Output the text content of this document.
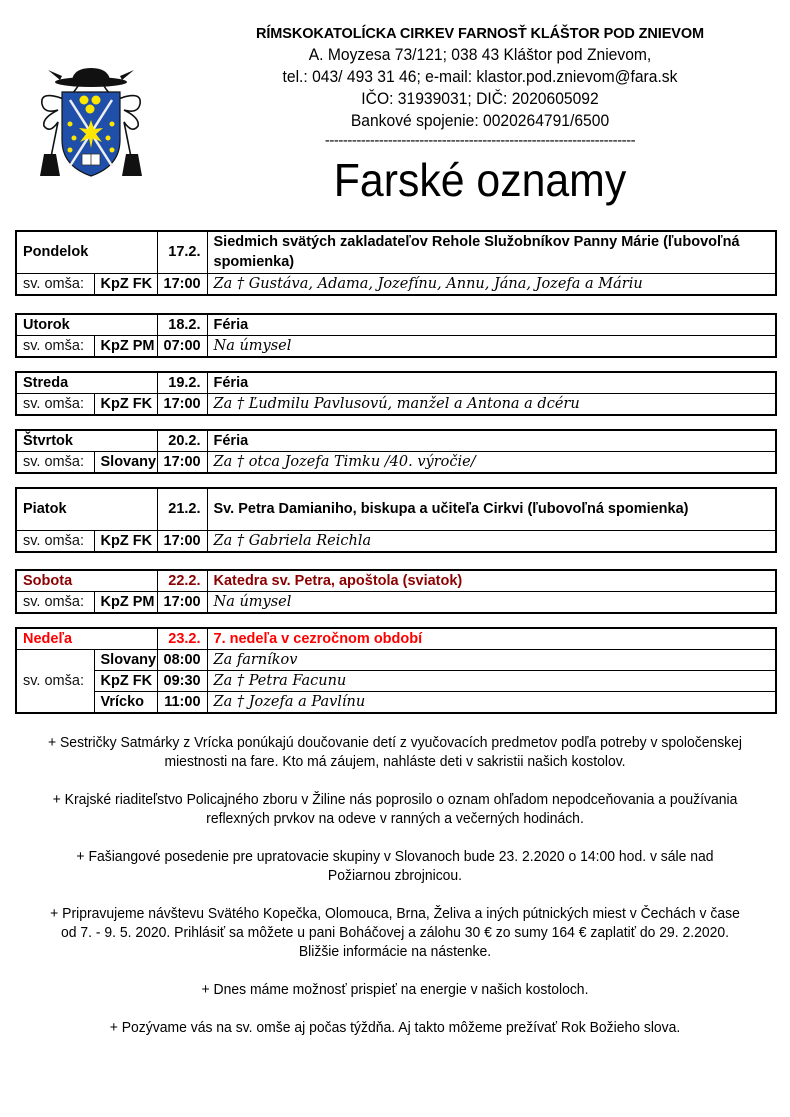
RÍMSKOKATOLÍCKA CIRKEV FARNOSŤ KLÁŠTOR POD ZNIEVOM
A. Moyzesa 73/121; 038 43 Kláštor pod Znievom,
tel.: 043/ 493 31 46; e-mail: klastor.pod.znievom@fara.sk
IČO: 31939031; DIČ: 2020605092
Bankové spojenie: 0020264791/6500
---------------------------------------------------------------------
Farské oznamy
Pondelok		17.2.	Siedmich svätých zakladateľov Rehole Služobníkov Panny Márie (ľubovoľná spomienka)
sv. omša:	KpZ FK	17:00	Za † Gustáva, Adama, Jozefínu, Annu, Jána, Jozefa a Máriu
Utorok		18.2.	Féria
sv. omša:	KpZ PM	07:00	Na úmysel
Streda		19.2.	Féria
sv. omša:	KpZ FK	17:00	Za † Ľudmilu Pavlusovú, manžel a Antona a dcéru
Štvrtok		20.2.	Féria
sv. omša:	Slovany	17:00	Za † otca Jozefa Timku /40. výročie/
Piatok		21.2.	Sv. Petra Damianiho, biskupa a učiteľa Cirkvi (ľubovoľná spomienka)
sv. omša:	KpZ FK	17:00	Za † Gabriela Reichla
Sobota		22.2.	Katedra sv. Petra, apoštola (sviatok)
sv. omša:	KpZ PM	17:00	Na úmysel
Nedeľa		23.2.	7. nedeľa v cezročnom období
sv. omša:	Slovany	08:00	Za farníkov
	KpZ FK	09:30	Za † Petra Facunu
	Vrícko	11:00	Za † Jozefa a Pavlínu

+ Sestričky Satmárky z Vrícka ponúkajú doučovanie detí z vyučovacích predmetov podľa potreby v spoločenskej miestnosti na fare. Kto má záujem, nahláste deti v sakristii našich kostolov.

+ Krajské riaditeľstvo Policajného zboru v Žiline nás poprosilo o oznam ohľadom nepodceňovania a používania reflexných prvkov na odeve v ranných a večerných hodinách.

+ Fašiangové posedenie pre upratovacie skupiny v Slovanoch bude 23. 2.2020 o 14:00 hod. v sále nad Požiarnou zbrojnicou.

+ Pripravujeme návštevu Svätého Kopečka, Olomouca, Brna, Želiva a iných pútnických miest v Čechách v čase od 7. - 9. 5. 2020. Prihlásiť sa môžete u pani Boháčovej a zálohu 30 € zo sumy 164 € zaplatiť do 29. 2.2020. Bližšie informácie na nástenke.

+ Dnes máme možnosť prispieť na energie v našich kostoloch.

+ Pozývame vás na sv. omše aj počas týždňa. Aj takto môžeme prežívať Rok Božieho slova.
